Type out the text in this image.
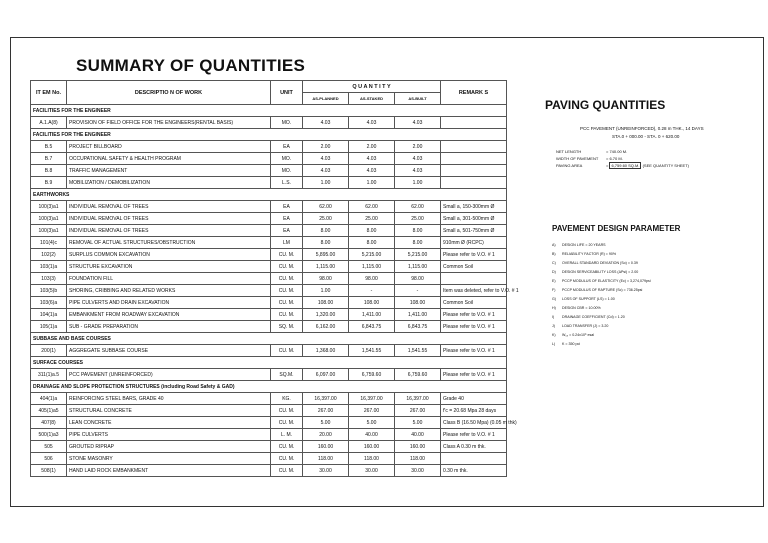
SUMMARY OF QUANTITIES
IT EM No.	DESCRIPTIO N OF WORK	UNIT	Q U A N T I T Y			REMARK S
			AS-PLANNED	AS-STAKED	AS-BUILT	
FACILITIES FOR THE ENGINEER						
A.1.A(8)	PROVISION OF FIELD OFFICE FOR THE ENGINEERS(RENTAL BASIS)	MO.	4.03	4.03	4.03	
FACILITIES FOR THE ENGINEER						
B.5	PROJECT BILLBOARD	EA	2.00	2.00	2.00	
B.7	OCCUPATIONAL SAFETY & HEALTH PROGRAM	MO.	4.03	4.03	4.03	
B.8	TRAFFIC MANAGEMENT	MO.	4.03	4.03	4.03	
B.9	MOBILIZATION / DEMOBILIZATION	L.S.	1.00	1.00	1.00	
EARTHWORKS						
100(3)a1	INDIVIDUAL REMOVAL OF TREES	EA	62.00	62.00	62.00	Small a, 150-300mm Ø
100(3)a1	INDIVIDUAL REMOVAL OF TREES	EA	25.00	25.00	25.00	Small a, 301-500mm Ø
100(3)a1	INDIVIDUAL REMOVAL OF TREES	EA	8.00	8.00	8.00	Small a, 501-750mm Ø
101(4)c	REMOVAL OF ACTUAL STRUCTURES/OBSTRUCTION	LM	8.00	8.00	8.00	910mm Ø (RCPC)
102(2)	SURPLUS COMMON EXCAVATION	CU. M.	5,895.00	5,215.00	5,215.00	Please refer to V.O. # 1
103(1)a	STRUCTURE EXCAVATION	CU. M.	1,115.00	1,115.00	1,115.00	Common Soil
103(3)	FOUNDATION FILL	CU. M.	98.00	98.00	98.00	
103(5)b	SHORING, CRIBBING AND RELATED WORKS	CU. M.	1.00	-	-	Item was deleted, refer to V.O. # 1
103(6)a	PIPE CULVERTS AND DRAIN EXCAVATION	CU. M.	108.00	108.00	108.00	Common Soil
104(1)a	EMBANKMENT FROM ROADWAY EXCAVATION	CU. M.	1,320.00	1,411.00	1,411.00	Please refer to V.O. # 1
105(1)a	SUB - GRADE PREPARATION	SQ. M.	6,162.00	6,843.75	6,843.75	Please refer to V.O. # 1
SUBBASE AND BASE COURSES						
200(1)	AGGREGATE SUBBASE COURSE	CU. M.	1,368.00	1,541.55	1,541.55	Please refer to V.O. # 1
SURFACE COURSES						
311(1)a.5	PCC PAVEMENT (UNREINFORCED)	SQ.M.	6,097.00	6,759.60	6,759.60	Please refer to V.O. # 1
DRAINAGE AND SLOPE PROTECTION STRUCTURES (including Road Safety & GAD)						
404(1)a	REINFORCING STEEL BARS, GRADE 40	KG.	16,397.00	16,397.00	16,397.00	Grade 40
405(1)a5	STRUCTURAL CONCRETE	CU. M.	267.00	267.00	267.00	f'c = 20.68 Mpa 28 days
407(8)	LEAN CONCRETE	CU. M.	5.00	5.00	5.00	Class B (16.50 Mpa) (0.05 m thk)
500(1)a3	PIPE CULVERTS	L. M.	20.00	40.00	40.00	Please refer to V.O. # 1
505	GROUTED RIPRAP	CU. M.	160.00	160.00	160.00	Class A 0.30 m thk.
506	STONE MASONRY	CU. M.	118.00	118.00	118.00	
508(1)	HAND LAID ROCK EMBANKMENT	CU. M.	30.00	30.00	30.00	0.30 m thk.
PAVING QUANTITIES
PCC PAVEMENT (UNREINFORCED), 0.28 m THK., 14 DAYS
STA.0 + 000.00 - STA. 0 + 620.00
NET LENGTH	= 740.00 M.
WIDTH OF PAVEMENT = 6.70 M.
PAVING AREA	= 6,759.60 SQ.M. (SEE QUANTITY SHEET)
PAVEMENT DESIGN PARAMETER
A) DESIGN LIFE = 20 YEARS
B) RELIABILITY FACTOR (R) = 90%
C) OVERALL STANDARD DEVIATION (So) = 0.39
D) DESIGN SERVICEABILITY LOSS (ΔPsi) = 2.00
E) PCCP MODULUS OF ELASTICITY (Ec) = 3,274,079psi
F) PCCP MODULUS OF RAPTURE (Sc) = 736.25psi
G) LOSS OF SUPPORT (LS) = 1.00
H) DESIGN CBR = 10.00%
I) DRAINAGE COEFFICIENT (Cd) = 1.20
J) LOAD TRANSFER (J) = 3.20
K) W₁₈ = 0.24x10⁶ esal
L) K = 350 pci
